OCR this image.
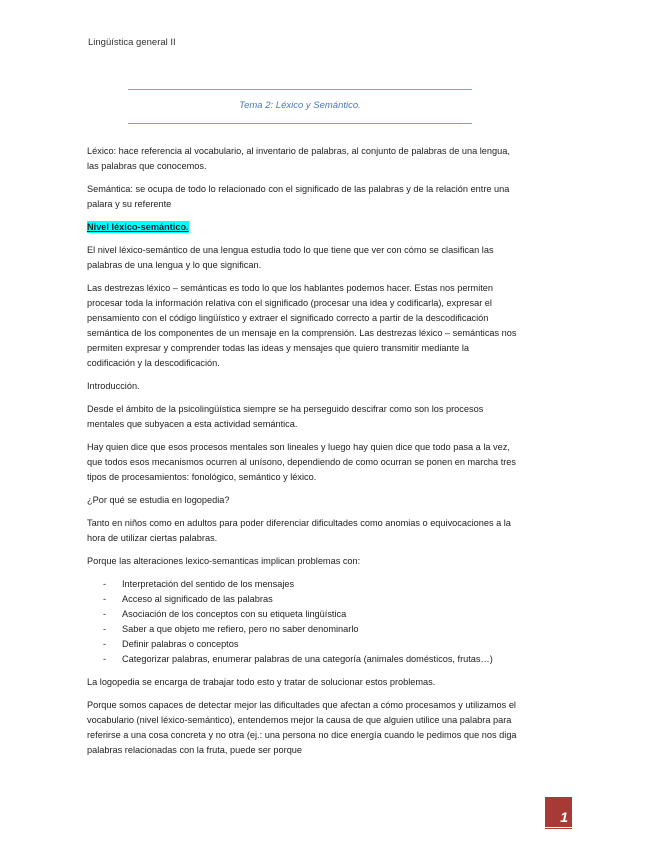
Lingüística general II
Tema 2: Léxico y Semántico.

Léxico: hace referencia al vocabulario, al inventario de palabras, al conjunto de palabras de una lengua, las palabras que conocemos.

Semántica: se ocupa de todo lo relacionado con el significado de las palabras y de la relación entre una palara y su referente

Nivel léxico-semántico.

El nivel léxico-semántico de una lengua estudia todo lo que tiene que ver con cómo se clasifican las palabras de una lengua y lo que significan.

Las destrezas léxico – semánticas es todo lo que los hablantes podemos hacer. Estas nos permiten procesar toda la información relativa con el significado (procesar una idea y codificarla), expresar el pensamiento con el código lingüístico y extraer el significado correcto a partir de la descodificación semántica de los componentes de un mensaje en la comprensión. Las destrezas léxico – semánticas nos permiten expresar y comprender todas las ideas y mensajes que quiero transmitir mediante la codificación y la descodificación.

Introducción.

Desde el ámbito de la psicolingüística siempre se ha perseguido descifrar como son los procesos mentales que subyacen a esta actividad semántica.

Hay quien dice que esos procesos mentales son lineales y luego hay quien dice que todo pasa a la vez, que todos esos mecanismos ocurren al unísono, dependiendo de como ocurran se ponen en marcha tres tipos de procesamientos: fonológico, semántico y léxico.

¿Por qué se estudia en logopedia?

Tanto en niños como en adultos para poder diferenciar dificultades como anomias o equivocaciones a la hora de utilizar ciertas palabras.

Porque las alteraciones lexico-semanticas implican problemas con:

- Interpretación del sentido de los mensajes
- Acceso al significado de las palabras
- Asociación de los conceptos con su etiqueta lingüística
- Saber a que objeto me refiero, pero no saber denominarlo
- Definir palabras o conceptos
- Categorizar palabras, enumerar palabras de una categoría (animales domésticos, frutas…)

La logopedia se encarga de trabajar todo esto y tratar de solucionar estos problemas.

Porque somos capaces de detectar mejor las dificultades que afectan a cómo procesamos y utilizamos el vocabulario (nivel léxico-semántico), entendemos mejor la causa de que alguien utilice una palabra para referirse a una cosa concreta y no otra (ej.: una persona no dice energía cuando le pedimos que nos diga palabras relacionadas con la fruta, puede ser porque

1
